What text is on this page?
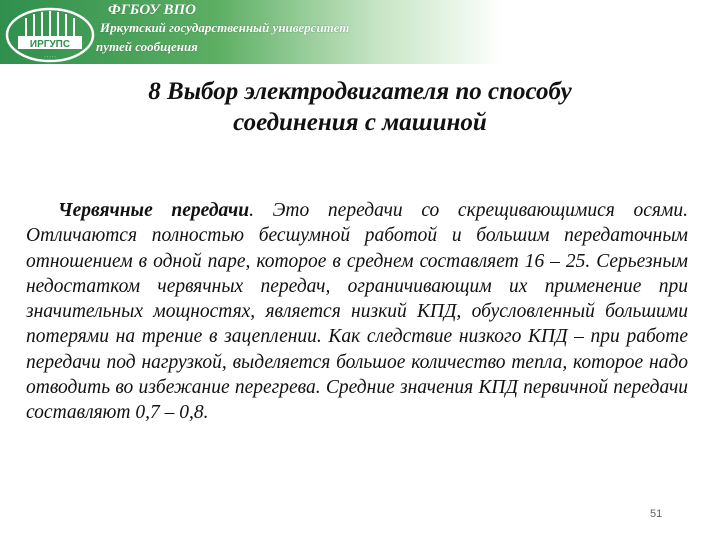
ИРГУПС
◦ ◦ ◦ ◦ ◦
ФГБОУ ВПО
Иркутский государственный университет
путей сообщения
8 Выбор электродвигателя по способу
соединения с машиной
Червячные передачи. Это передачи со скрещивающимися осями. Отличаются полностью бесшумной работой и большим передаточным отношением в одной паре, которое в среднем составляет 16 – 25. Серьезным недостатком червячных передач, ограничивающим их применение при значительных мощностях, является низкий КПД, обусловленный большими потерями на трение в зацеплении. Как следствие низкого КПД – при работе передачи под нагрузкой, выделяется большое количество тепла, которое надо отводить во избежание перегрева. Средние значения КПД первичной передачи составляют 0,7 – 0,8.
51
